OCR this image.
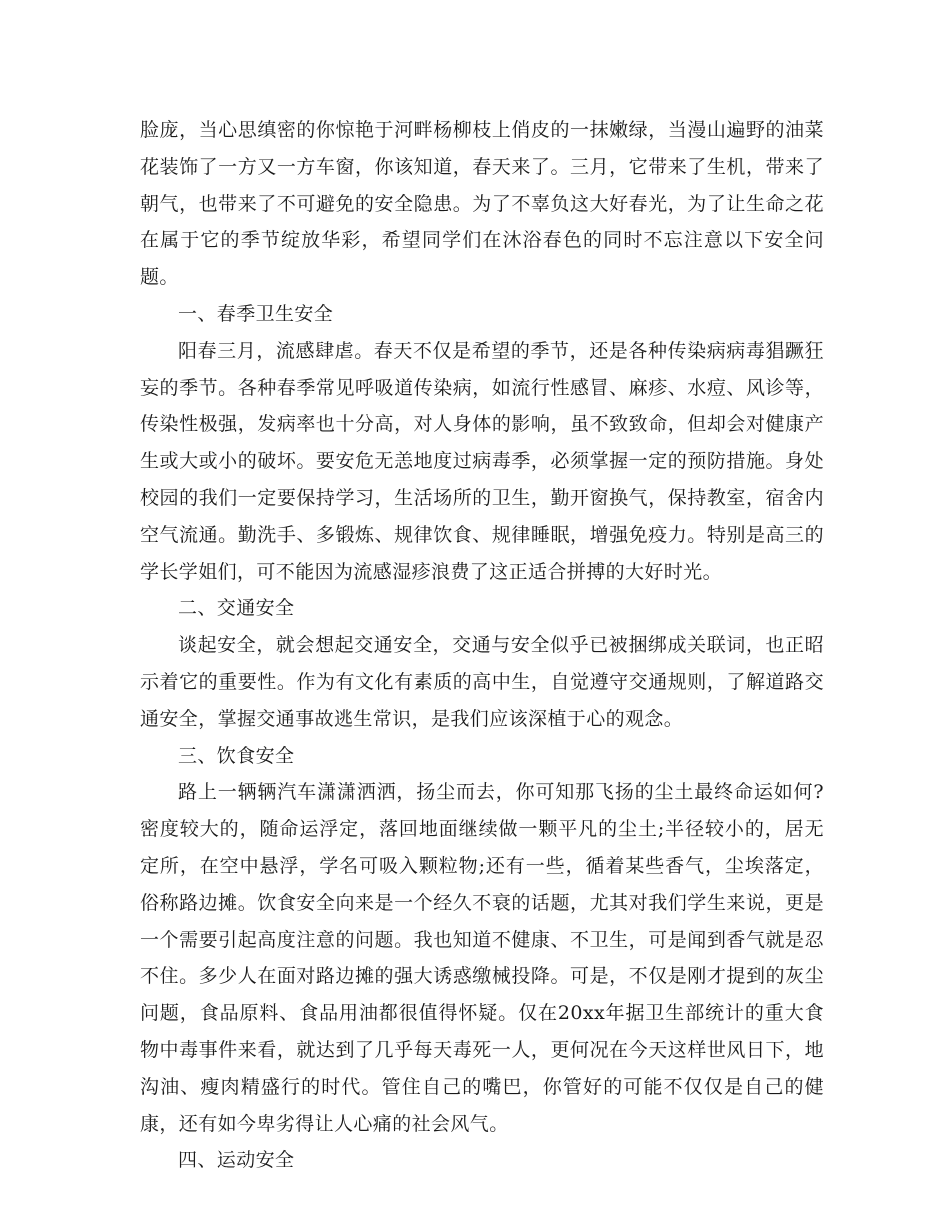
脸庞，当心思缜密的你惊艳于河畔杨柳枝上俏皮的一抹嫩绿，当漫山遍野的油菜花装饰了一方又一方车窗，你该知道，春天来了。三月，它带来了生机，带来了朝气，也带来了不可避免的安全隐患。为了不辜负这大好春光，为了让生命之花在属于它的季节绽放华彩，希望同学们在沐浴春色的同时不忘注意以下安全问题。

一、春季卫生安全

阳春三月，流感肆虐。春天不仅是希望的季节，还是各种传染病病毒猖蹶狂妄的季节。各种春季常见呼吸道传染病，如流行性感冒、麻疹、水痘、风诊等，传染性极强，发病率也十分高，对人身体的影响，虽不致致命，但却会对健康产生或大或小的破坏。要安危无恙地度过病毒季，必须掌握一定的预防措施。身处校园的我们一定要保持学习，生活场所的卫生，勤开窗换气，保持教室，宿舍内空气流通。勤洗手、多锻炼、规律饮食、规律睡眠，增强免疫力。特别是高三的学长学姐们，可不能因为流感湿疹浪费了这正适合拼搏的大好时光。

二、交通安全

谈起安全，就会想起交通安全，交通与安全似乎已被捆绑成关联词，也正昭示着它的重要性。作为有文化有素质的高中生，自觉遵守交通规则，了解道路交通安全，掌握交通事故逃生常识，是我们应该深植于心的观念。

三、饮食安全

路上一辆辆汽车潇潇洒洒，扬尘而去，你可知那飞扬的尘土最终命运如何?密度较大的，随命运浮定，落回地面继续做一颗平凡的尘土;半径较小的，居无定所，在空中悬浮，学名可吸入颗粒物;还有一些，循着某些香气，尘埃落定，俗称路边摊。饮食安全向来是一个经久不衰的话题，尤其对我们学生来说，更是一个需要引起高度注意的问题。我也知道不健康、不卫生，可是闻到香气就是忍不住。多少人在面对路边摊的强大诱惑缴械投降。可是，不仅是刚才提到的灰尘问题，食品原料、食品用油都很值得怀疑。仅在20xx年据卫生部统计的重大食物中毒事件来看，就达到了几乎每天毒死一人，更何况在今天这样世风日下，地沟油、瘦肉精盛行的时代。管住自己的嘴巴，你管好的可能不仅仅是自己的健康，还有如今卑劣得让人心痛的社会风气。

四、运动安全
